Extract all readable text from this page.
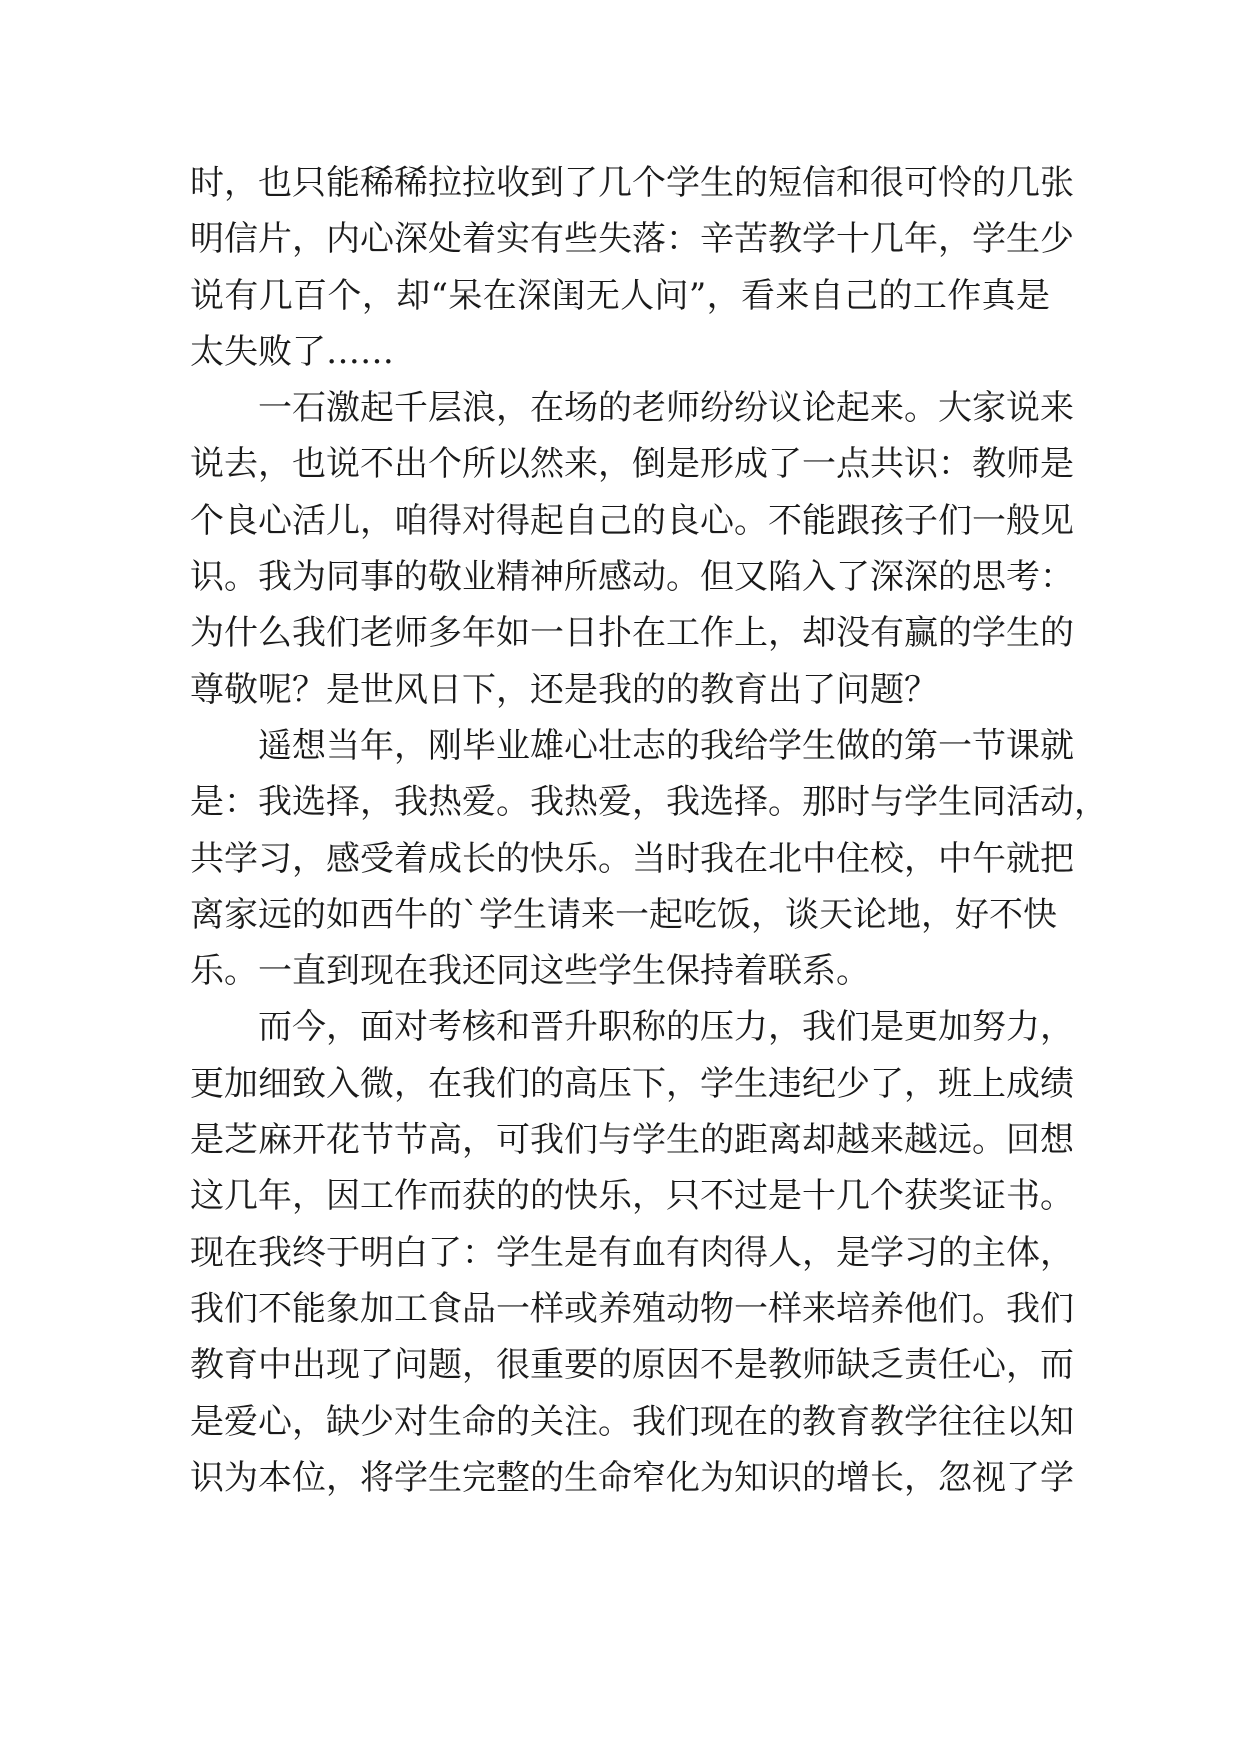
时，也只能稀稀拉拉收到了几个学生的短信和很可怜的几张
明信片，内心深处着实有些失落：辛苦教学十几年，学生少
说有几百个，却“呆在深闺无人问”，看来自己的工作真是
太失败了……
一石激起千层浪，在场的老师纷纷议论起来。大家说来
说去，也说不出个所以然来，倒是形成了一点共识：教师是
个良心活儿，咱得对得起自己的良心。不能跟孩子们一般见
识。我为同事的敬业精神所感动。但又陷入了深深的思考：
为什么我们老师多年如一日扑在工作上，却没有赢的学生的
尊敬呢？是世风日下，还是我的的教育出了问题？
遥想当年，刚毕业雄心壮志的我给学生做的第一节课就
是：我选择，我热爱。我热爱，我选择。那时与学生同活动，
共学习，感受着成长的快乐。当时我在北中住校，中午就把
离家远的如西牛的`学生请来一起吃饭，谈天论地，好不快
乐。一直到现在我还同这些学生保持着联系。
而今，面对考核和晋升职称的压力，我们是更加努力，
更加细致入微，在我们的高压下，学生违纪少了，班上成绩
是芝麻开花节节高，可我们与学生的距离却越来越远。回想
这几年，因工作而获的的快乐，只不过是十几个获奖证书。
现在我终于明白了：学生是有血有肉得人，是学习的主体，
我们不能象加工食品一样或养殖动物一样来培养他们。我们
教育中出现了问题，很重要的原因不是教师缺乏责任心，而
是爱心，缺少对生命的关注。我们现在的教育教学往往以知
识为本位，将学生完整的生命窄化为知识的增长，忽视了学
